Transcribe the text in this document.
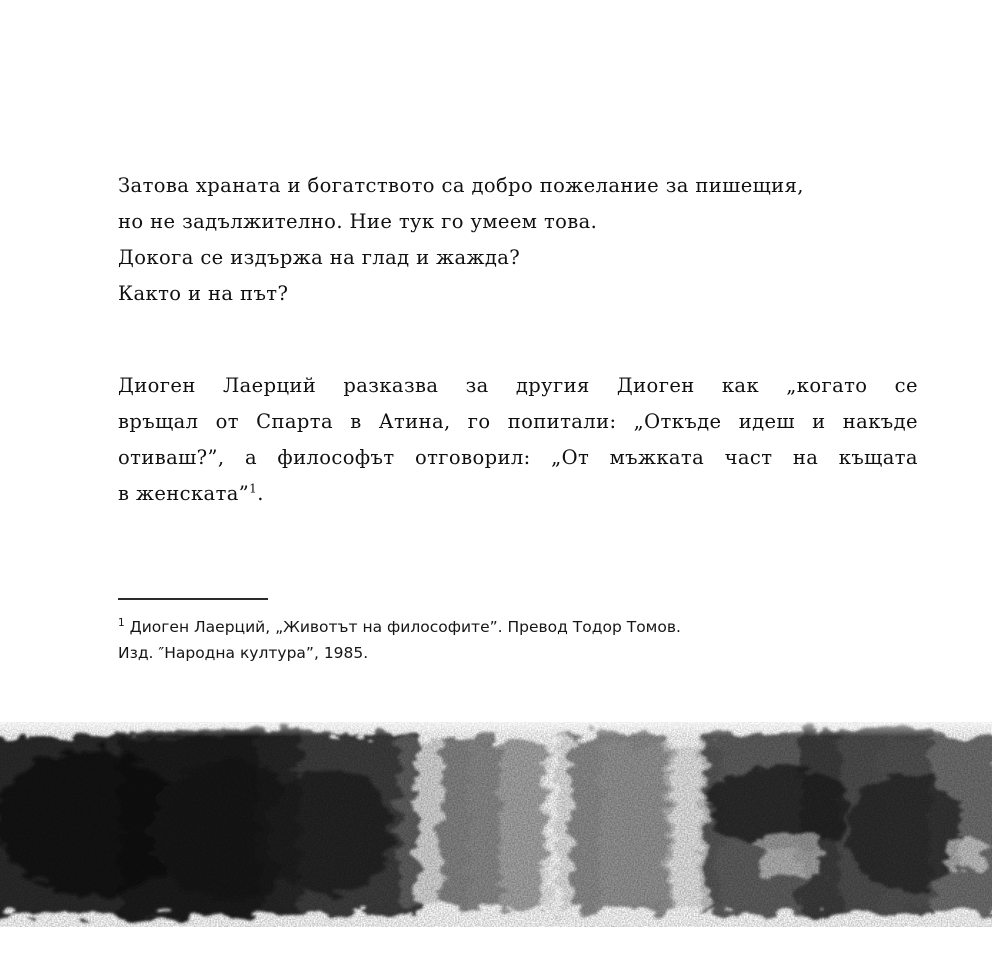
Затова храната и богатството са добро пожелание за пишещия,
но не задължително. Ние тук го умеем това.
Докога се издържа на глад и жажда?
Както и на път?
Диоген Лаерций разказва за другия Диоген как „когато се
връщал от Спарта в Атина, го попитали: „Откъде идеш и накъде
отиваш?”, а философът отговорил: „От мъжката част на къщата
в женската”$^1$.
$^1$ Диоген Лаерций, „Животът на философите”. Превод Тодор Томов.
Изд. ″Народна култура”, 1985.
